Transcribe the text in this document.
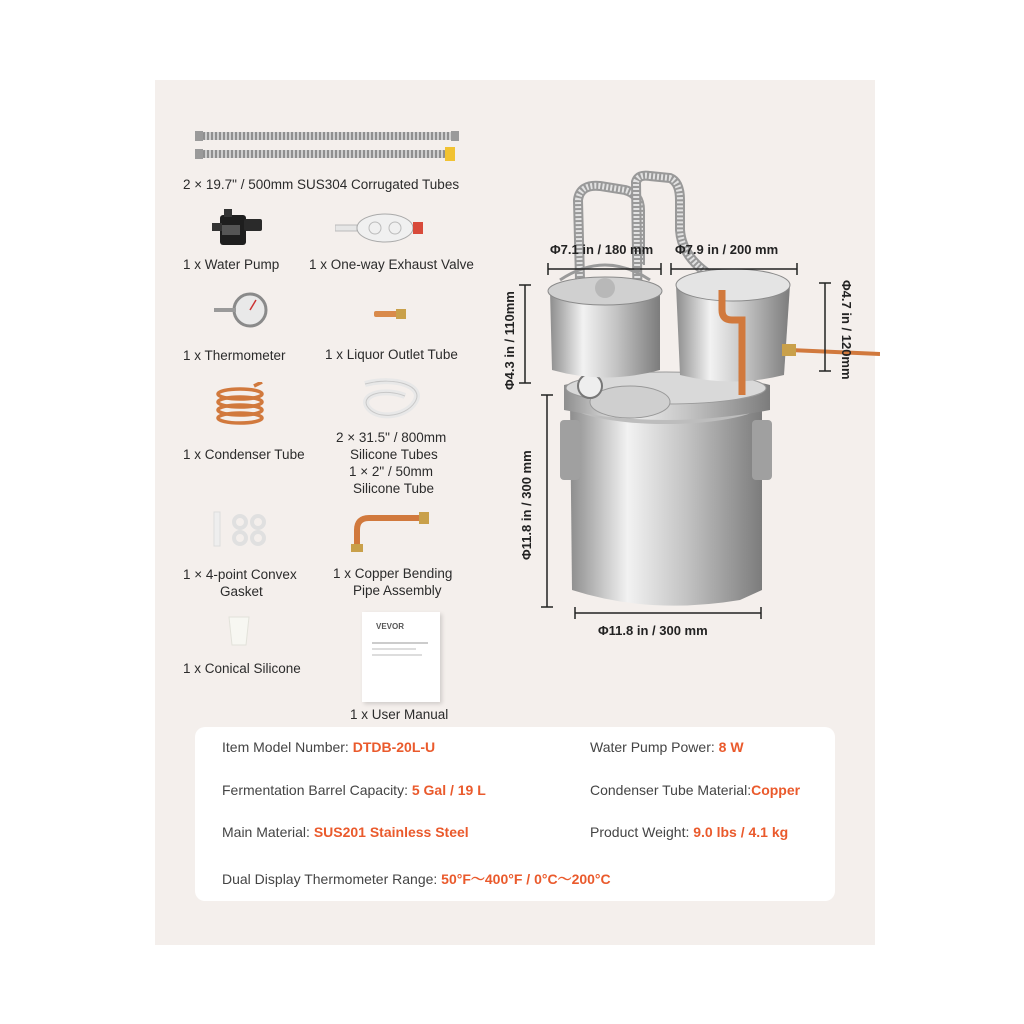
2 × 19.7" / 500mm SUS304 Corrugated Tubes
1 x Water Pump 1 x One-way Exhaust Valve
1 x Thermometer	1 x Liquor Outlet Tube
1 x Condenser Tube
2 × 31.5" / 800mm
Silicone Tubes
1 × 2" / 50mm
Silicone Tube
1 × 4-point Convex
Gasket
1 x Copper Bending
Pipe Assembly
1 x Conical Silicone
VEVOR
1 x User Manual
Φ7.1 in / 180 mm Φ7.9 in / 200 mm
Φ4.3 in / 110mm	Φ4.7 in / 120mm
Φ11.8 in / 300 mm
Φ11.8 in / 300 mm
Item Model Number: DTDB-20L-U
Fermentation Barrel Capacity: 5 Gal / 19 L
Main Material: SUS201 Stainless Steel
Dual Display Thermometer Range: 50°F～400°F / 0°C～200°C
Water Pump Power: 8 W
Condenser Tube Material:Copper
Product Weight: 9.0 lbs / 4.1 kg
